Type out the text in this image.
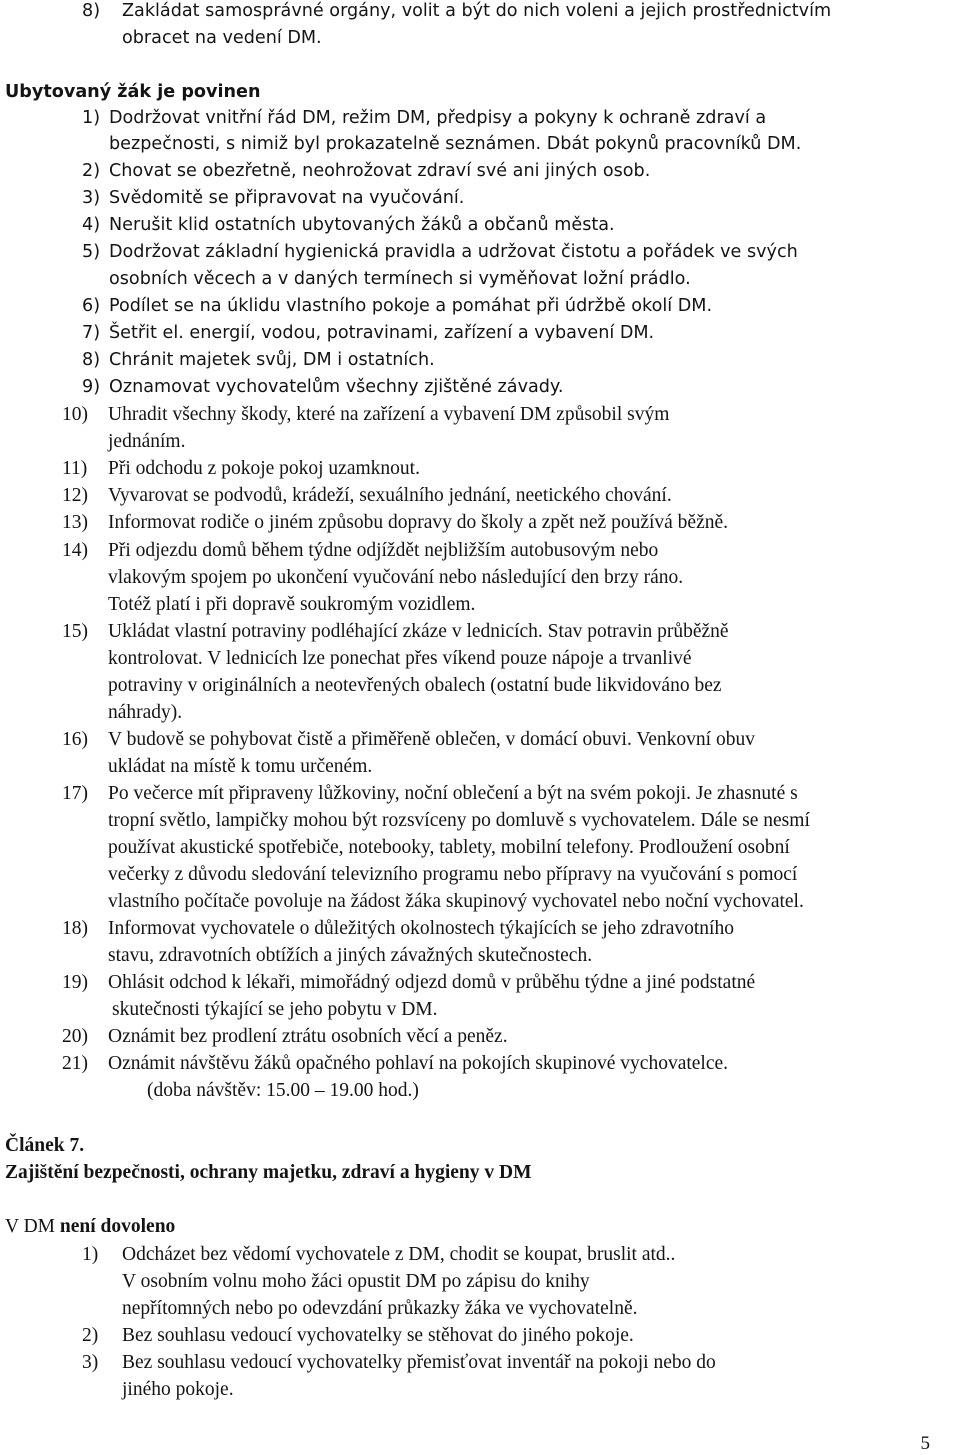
8) Zakládat samosprávné orgány, volit a být do nich voleni a jejich prostřednictvím
obracet na vedení DM.
Ubytovaný žák je povinen
1) Dodržovat vnitřní řád DM, režim DM, předpisy a pokyny k ochraně zdraví a
bezpečnosti, s nimiž byl prokazatelně seznámen. Dbát pokynů pracovníků DM.
2) Chovat se obezřetně, neohrožovat zdraví své ani jiných osob.
3) Svědomitě se připravovat na vyučování.
4) Nerušit klid ostatních ubytovaných žáků a občanů města.
5) Dodržovat základní hygienická pravidla a udržovat čistotu a pořádek ve svých
osobních věcech a v daných termínech si vyměňovat ložní prádlo.
6) Podílet se na úklidu vlastního pokoje a pomáhat při údržbě okolí DM.
7) Šetřit el. energií, vodou, potravinami, zařízení a vybavení DM.
8) Chránit majetek svůj, DM i ostatních.
9) Oznamovat vychovatelům všechny zjištěné závady.
10) Uhradit všechny škody, které na zařízení a vybavení DM způsobil svým
jednáním.
11) Při odchodu z pokoje pokoj uzamknout.
12) Vyvarovat se podvodů, krádeží, sexuálního jednání, neetického chování.
13) Informovat rodiče o jiném způsobu dopravy do školy a zpět než používá běžně.
14) Při odjezdu domů během týdne odjíždět nejbližším autobusovým nebo
vlakovým spojem po ukončení vyučování nebo následující den brzy ráno.
Totéž platí i při dopravě soukromým vozidlem.
15) Ukládat vlastní potraviny podléhající zkáze v lednicích. Stav potravin průběžně
kontrolovat. V lednicích lze ponechat přes víkend pouze nápoje a trvanlivé
potraviny v originálních a neotevřených obalech (ostatní bude likvidováno bez
náhrady).
16) V budově se pohybovat čistě a přiměřeně oblečen, v domácí obuvi. Venkovní obuv
ukládat na místě k tomu určeném.
17) Po večerce mít připraveny lůžkoviny, noční oblečení a být na svém pokoji. Je zhasnuté s
tropní světlo, lampičky mohou být rozsvíceny po domluvě s vychovatelem. Dále se nesmí
používat akustické spotřebiče, notebooky, tablety, mobilní telefony. Prodloužení osobní
večerky z důvodu sledování televizního programu nebo přípravy na vyučování s pomocí
vlastního počítače povoluje na žádost žáka skupinový vychovatel nebo noční vychovatel.
18) Informovat vychovatele o důležitých okolnostech týkajících se jeho zdravotního
stavu, zdravotních obtížích a jiných závažných skutečnostech.
19) Ohlásit odchod k lékaři, mimořádný odjezd domů v průběhu týdne a jiné podstatné
skutečnosti týkající se jeho pobytu v DM.
20) Oznámit bez prodlení ztrátu osobních věcí a peněz.
21) Oznámit návštěvu žáků opačného pohlaví na pokojích skupinové vychovatelce.
(doba návštěv: 15.00 – 19.00 hod.)
Článek 7.
Zajištění bezpečnosti, ochrany majetku, zdraví a hygieny v DM
V DM není dovoleno
1) Odcházet bez vědomí vychovatele z DM, chodit se koupat, bruslit atd..
V osobním volnu moho žáci opustit DM po zápisu do knihy
nepřítomných nebo po odevzdání průkazky žáka ve vychovatelně.
2) Bez souhlasu vedoucí vychovatelky se stěhovat do jiného pokoje.
3) Bez souhlasu vedoucí vychovatelky přemisťovat inventář na pokoji nebo do
jiného pokoje.
5
